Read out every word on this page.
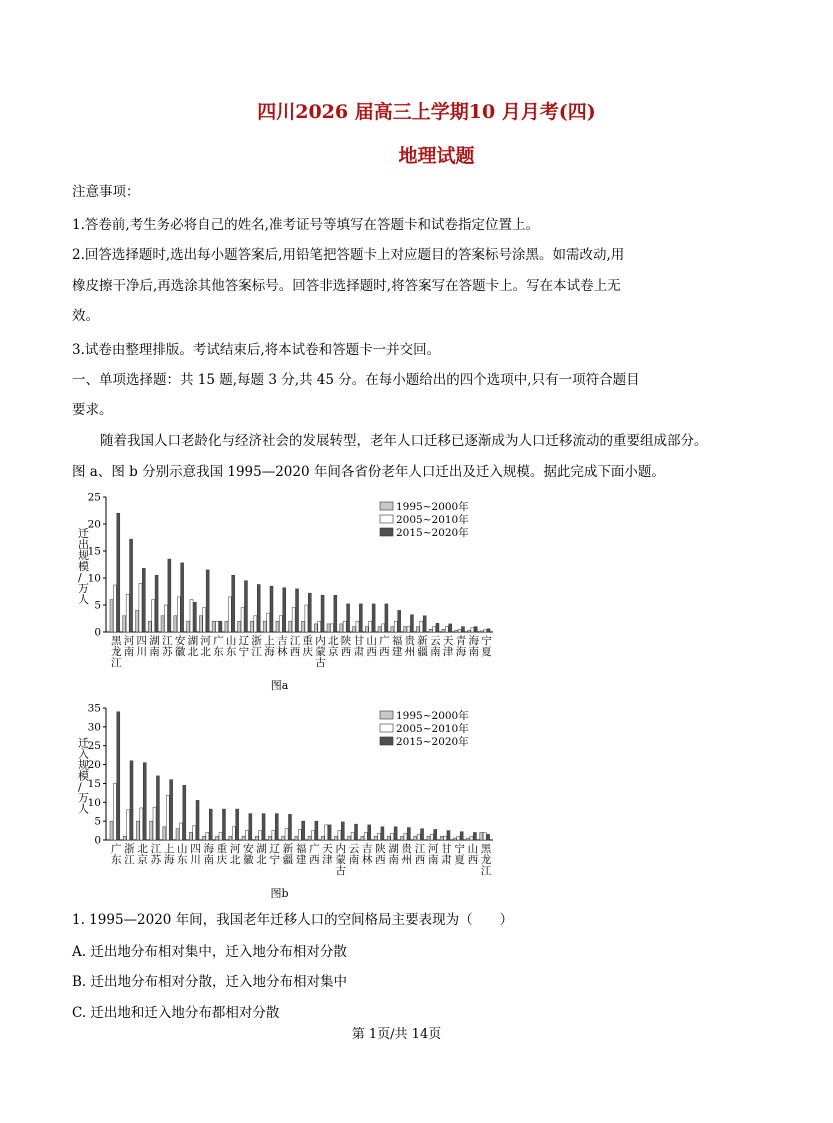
四川2026 届高三上学期10 月月考(四)
地理试题
注意事项：
1.答卷前,考生务必将自己的姓名,准考证号等填写在答题卡和试卷指定位置上。
2.回答选择题时,选出每小题答案后,用铅笔把答题卡上对应题目的答案标号涂黑。如需改动,用
橡皮擦干净后,再选涂其他答案标号。回答非选择题时,将答案写在答题卡上。写在本试卷上无
效。
3.试卷由整理排版。考试结束后,将本试卷和答题卡一并交回。
一、单项选择题：共 15 题,每题 3 分,共 45 分。在每小题给出的四个选项中,只有一项符合题目
要求。
随着我国人口老龄化与经济社会的发展转型，老年人口迁移已逐渐成为人口迁移流动的重要组成部分。
图 a、图 b 分别示意我国 1995—2020 年间各省份老年人口迁出及迁入规模。据此完成下面小题。
0
5
10
15
20
25
迁出规模/万人
黑龙江
河南
四川
湖南
江苏
安徽
湖北
河北
广东
山东
辽宁
浙江
上海
吉林
江西
重庆
内蒙古
北京
陕西
甘肃
山西
广西
福建
贵州
新疆
云南
天津
青海
海南
宁夏
1995~2000年
2005~2010年
2015~2020年
图a
0
5
10
15
20
25
30
35
迁入规模/万人
广东
浙江
北京
江苏
上海
山东
四川
海南
重庆
河北
安徽
湖北
辽宁
新疆
福建
广西
天津
内蒙古
云南
吉林
陕西
湖南
贵州
江西
河南
甘肃
宁夏
山西
黑龙江
1995~2000年
2005~2010年
2015~2020年
图b
1. 1995—2020 年间，我国老年迁移人口的空间格局主要表现为（　　）
A. 迁出地分布相对集中，迁入地分布相对分散
B. 迁出地分布相对分散，迁入地分布相对集中
C. 迁出地和迁入地分布都相对分散
第 1页/共 14页
